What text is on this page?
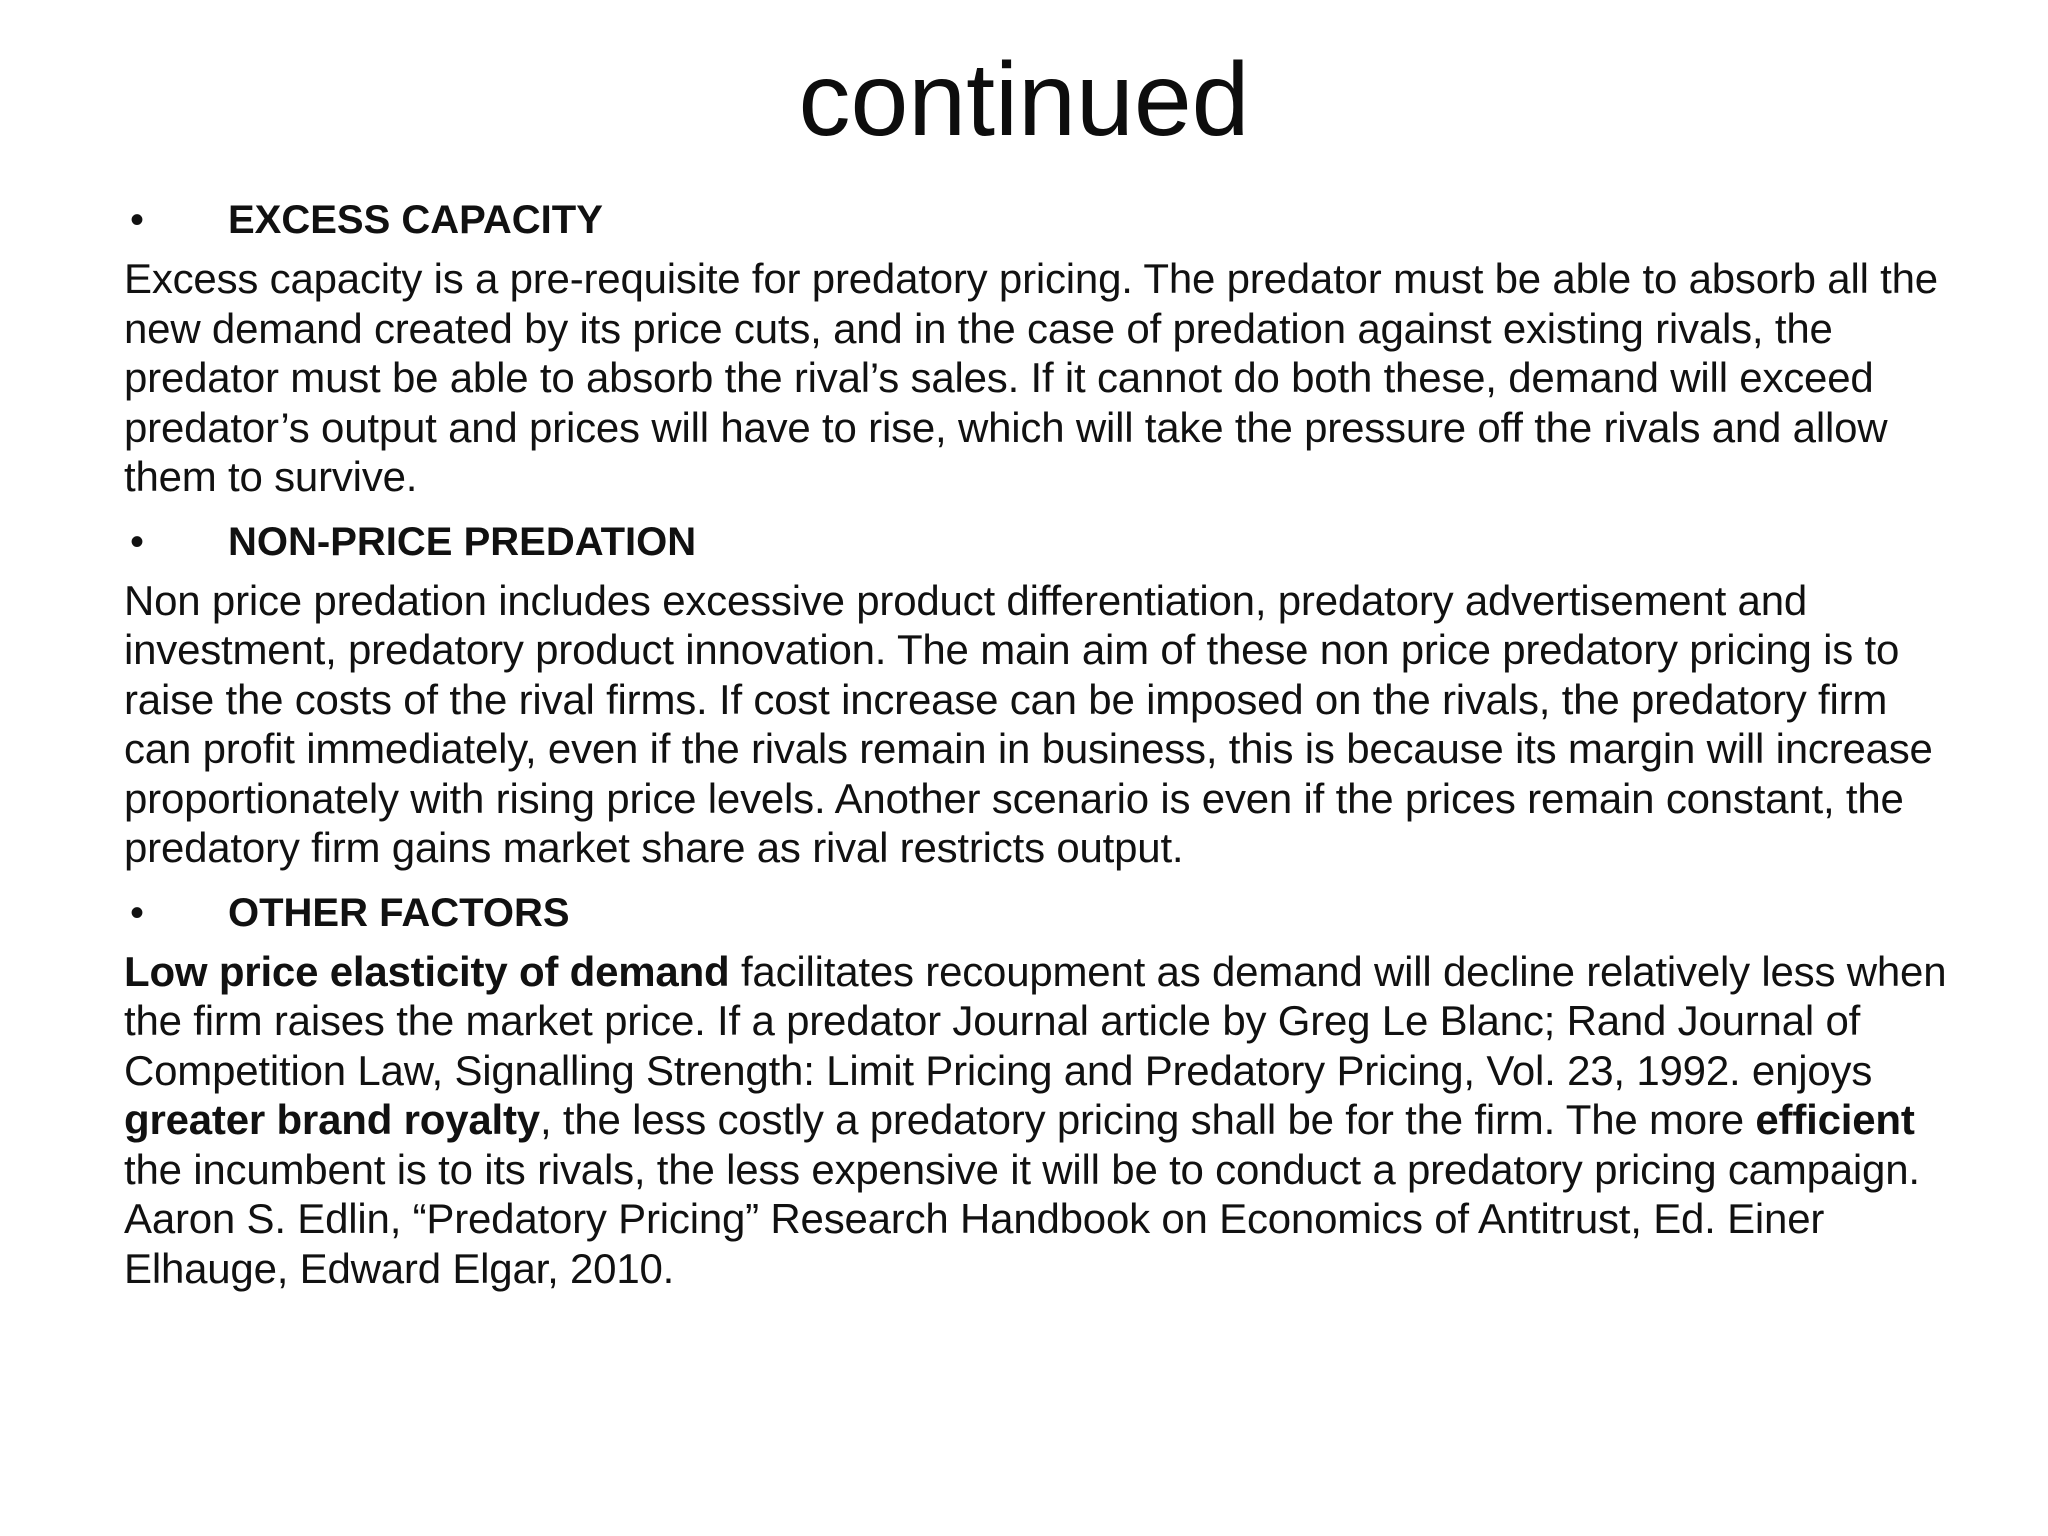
continued
• EXCESS CAPACITY

Excess capacity is a pre-requisite for predatory pricing. The predator must be able to absorb all the new demand created by its price cuts, and in the case of predation against existing rivals, the predator must be able to absorb the rival’s sales. If it cannot do both these, demand will exceed predator’s output and prices will have to rise, which will take the pressure off the rivals and allow them to survive.

• NON-PRICE PREDATION

Non price predation includes excessive product differentiation, predatory advertisement and investment, predatory product innovation. The main aim of these non price predatory pricing is to raise the costs of the rival firms. If cost increase can be imposed on the rivals, the predatory firm can profit immediately, even if the rivals remain in business, this is because its margin will increase proportionately with rising price levels. Another scenario is even if the prices remain constant, the predatory firm gains market share as rival restricts output.

• OTHER FACTORS

Low price elasticity of demand facilitates recoupment as demand will decline relatively less when the firm raises the market price. If a predator Journal article by Greg Le Blanc; Rand Journal of Competition Law, Signalling Strength: Limit Pricing and Predatory Pricing, Vol. 23, 1992. enjoys greater brand royalty, the less costly a predatory pricing shall be for the firm. The more efficient the incumbent is to its rivals, the less expensive it will be to conduct a predatory pricing campaign. Aaron S. Edlin, “Predatory Pricing” Research Handbook on Economics of Antitrust, Ed. Einer Elhauge, Edward Elgar, 2010.
